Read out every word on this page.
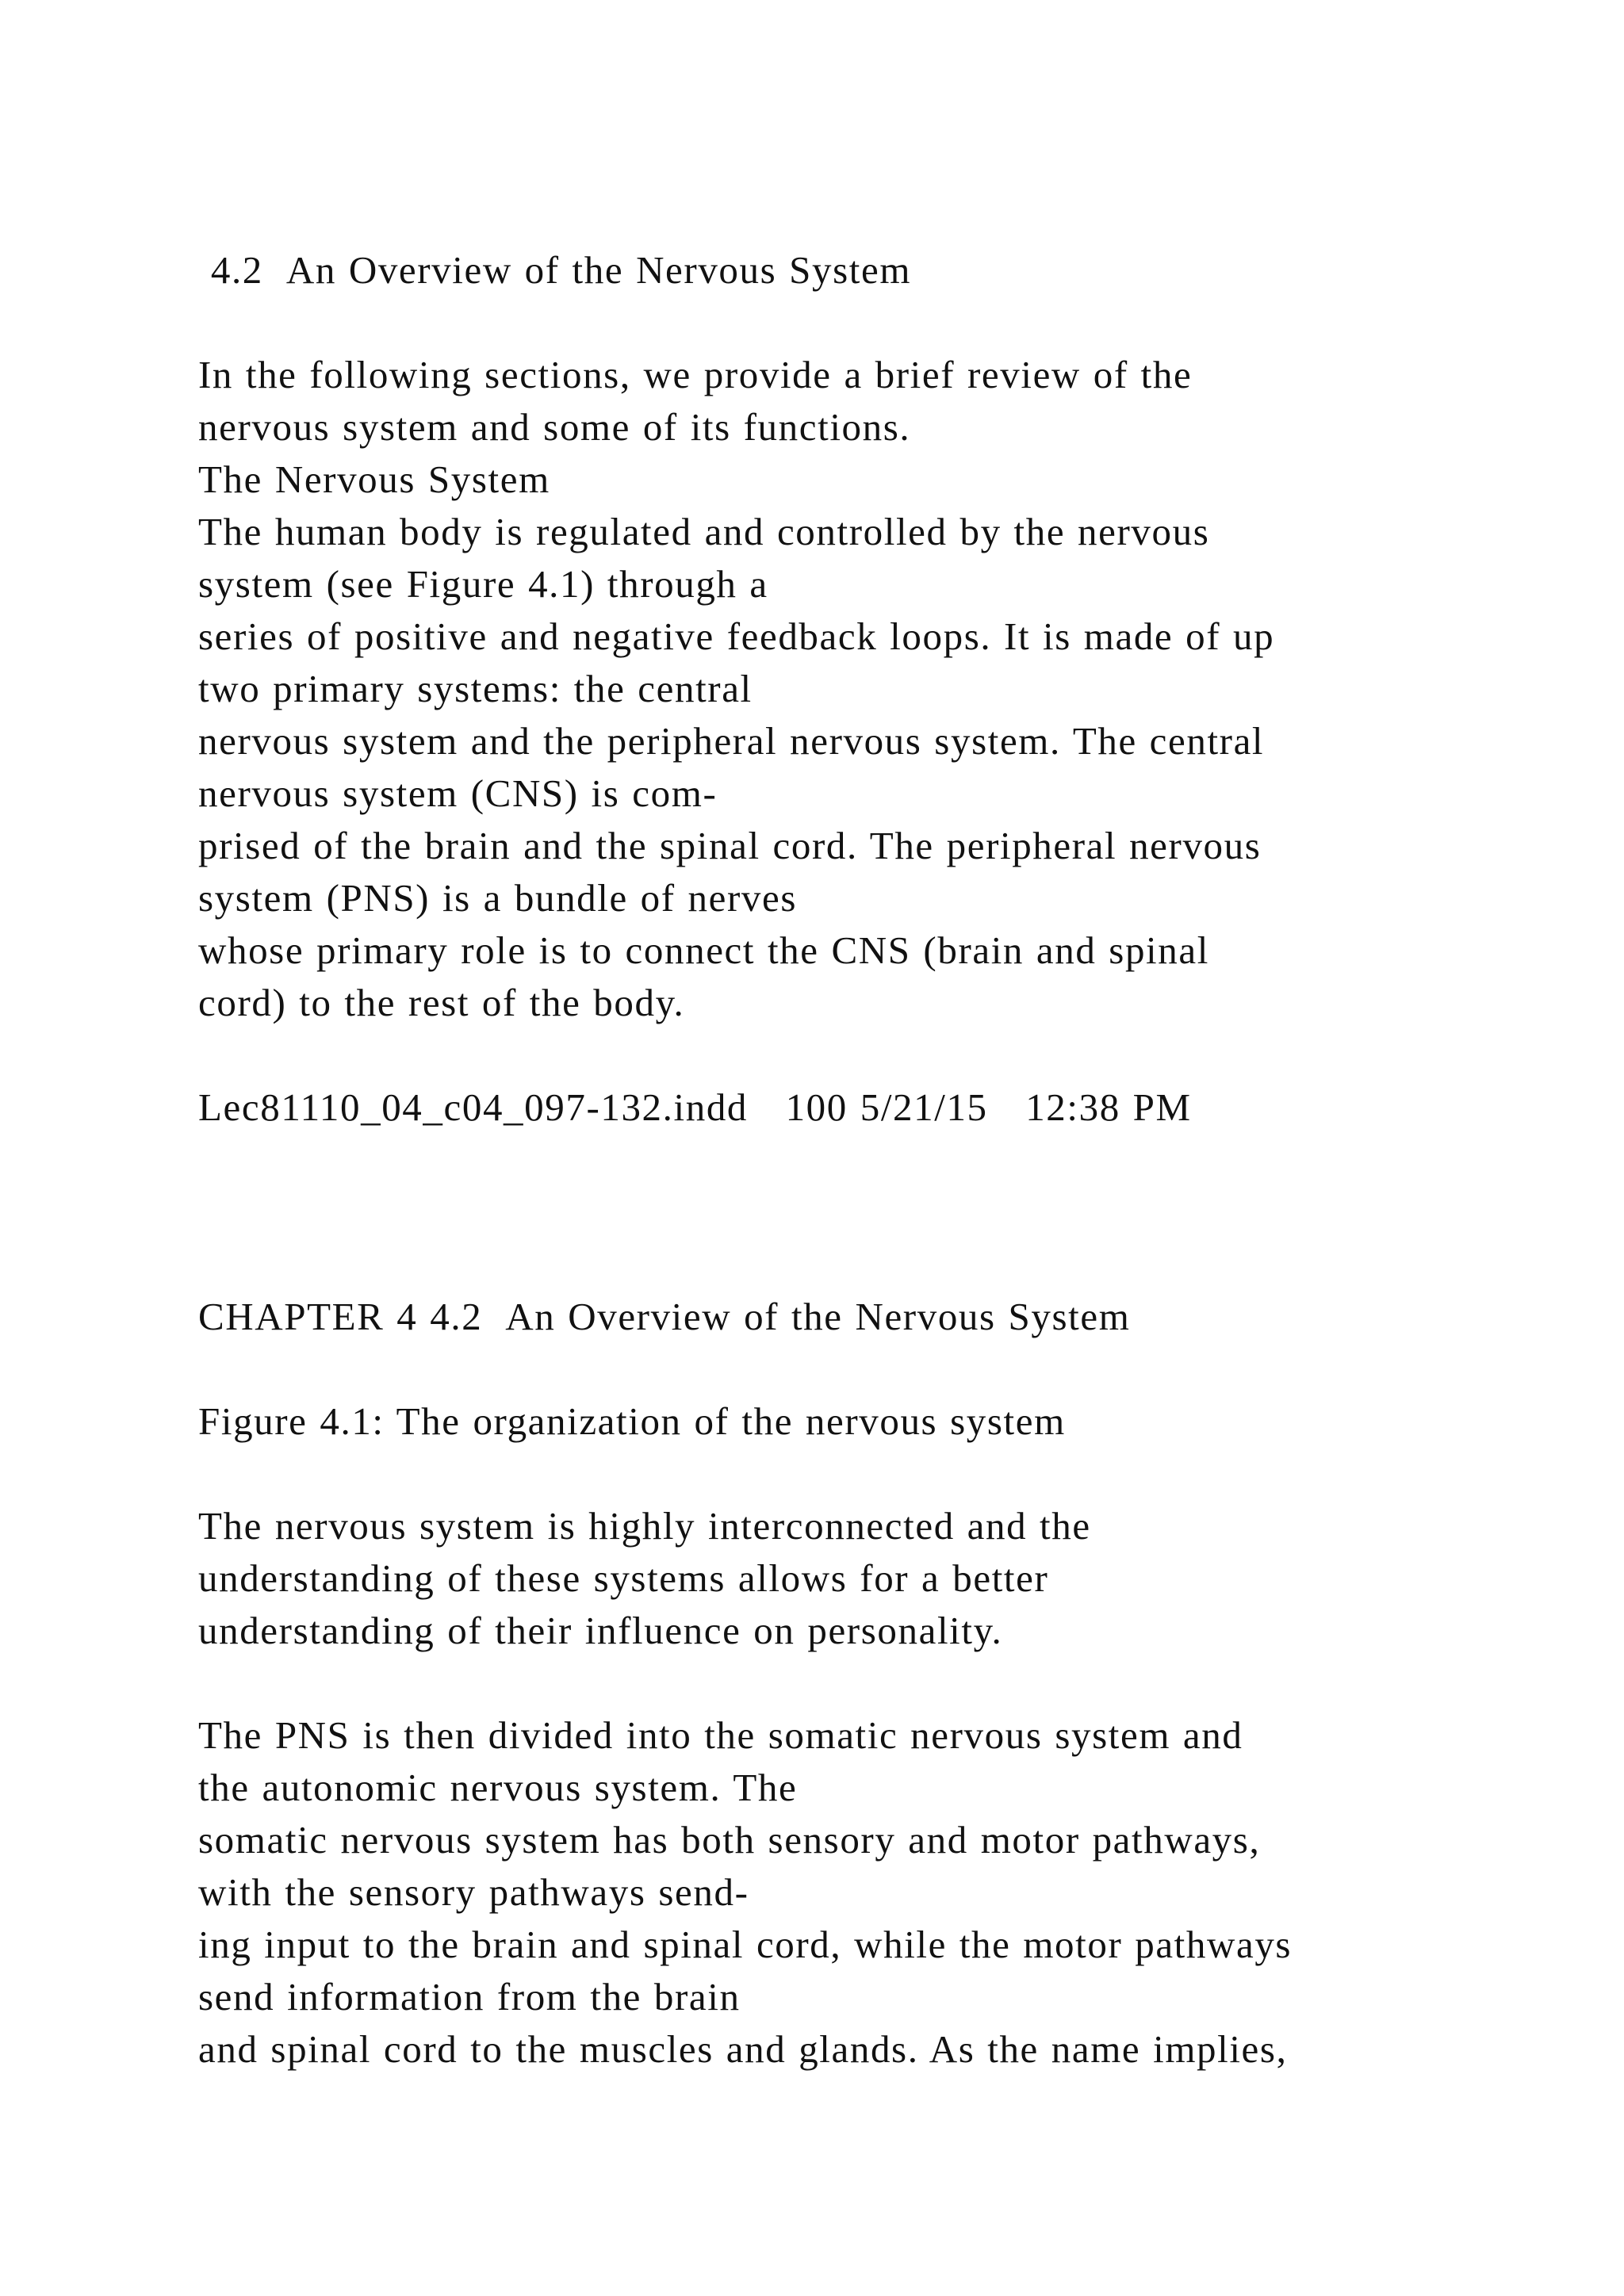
4.2  An Overview of the Nervous System
In the following sections, we provide a brief review of the
nervous system and some of its functions.
The Nervous System
The human body is regulated and controlled by the nervous
system (see Figure 4.1) through a
series of positive and negative feedback loops. It is made of up
two primary systems: the central
nervous system and the peripheral nervous system. The central
nervous system (CNS) is com-
prised of the brain and the spinal cord. The peripheral nervous
system (PNS) is a bundle of nerves
whose primary role is to connect the CNS (brain and spinal
cord) to the rest of the body.
Lec81110_04_c04_097-132.indd   100 5/21/15   12:38 PM
CHAPTER 4 4.2  An Overview of the Nervous System
Figure 4.1: The organization of the nervous system
The nervous system is highly interconnected and the
understanding of these systems allows for a better
understanding of their influence on personality.
The PNS is then divided into the somatic nervous system and
the autonomic nervous system. The
somatic nervous system has both sensory and motor pathways,
with the sensory pathways send-
ing input to the brain and spinal cord, while the motor pathways
send information from the brain
and spinal cord to the muscles and glands. As the name implies,
